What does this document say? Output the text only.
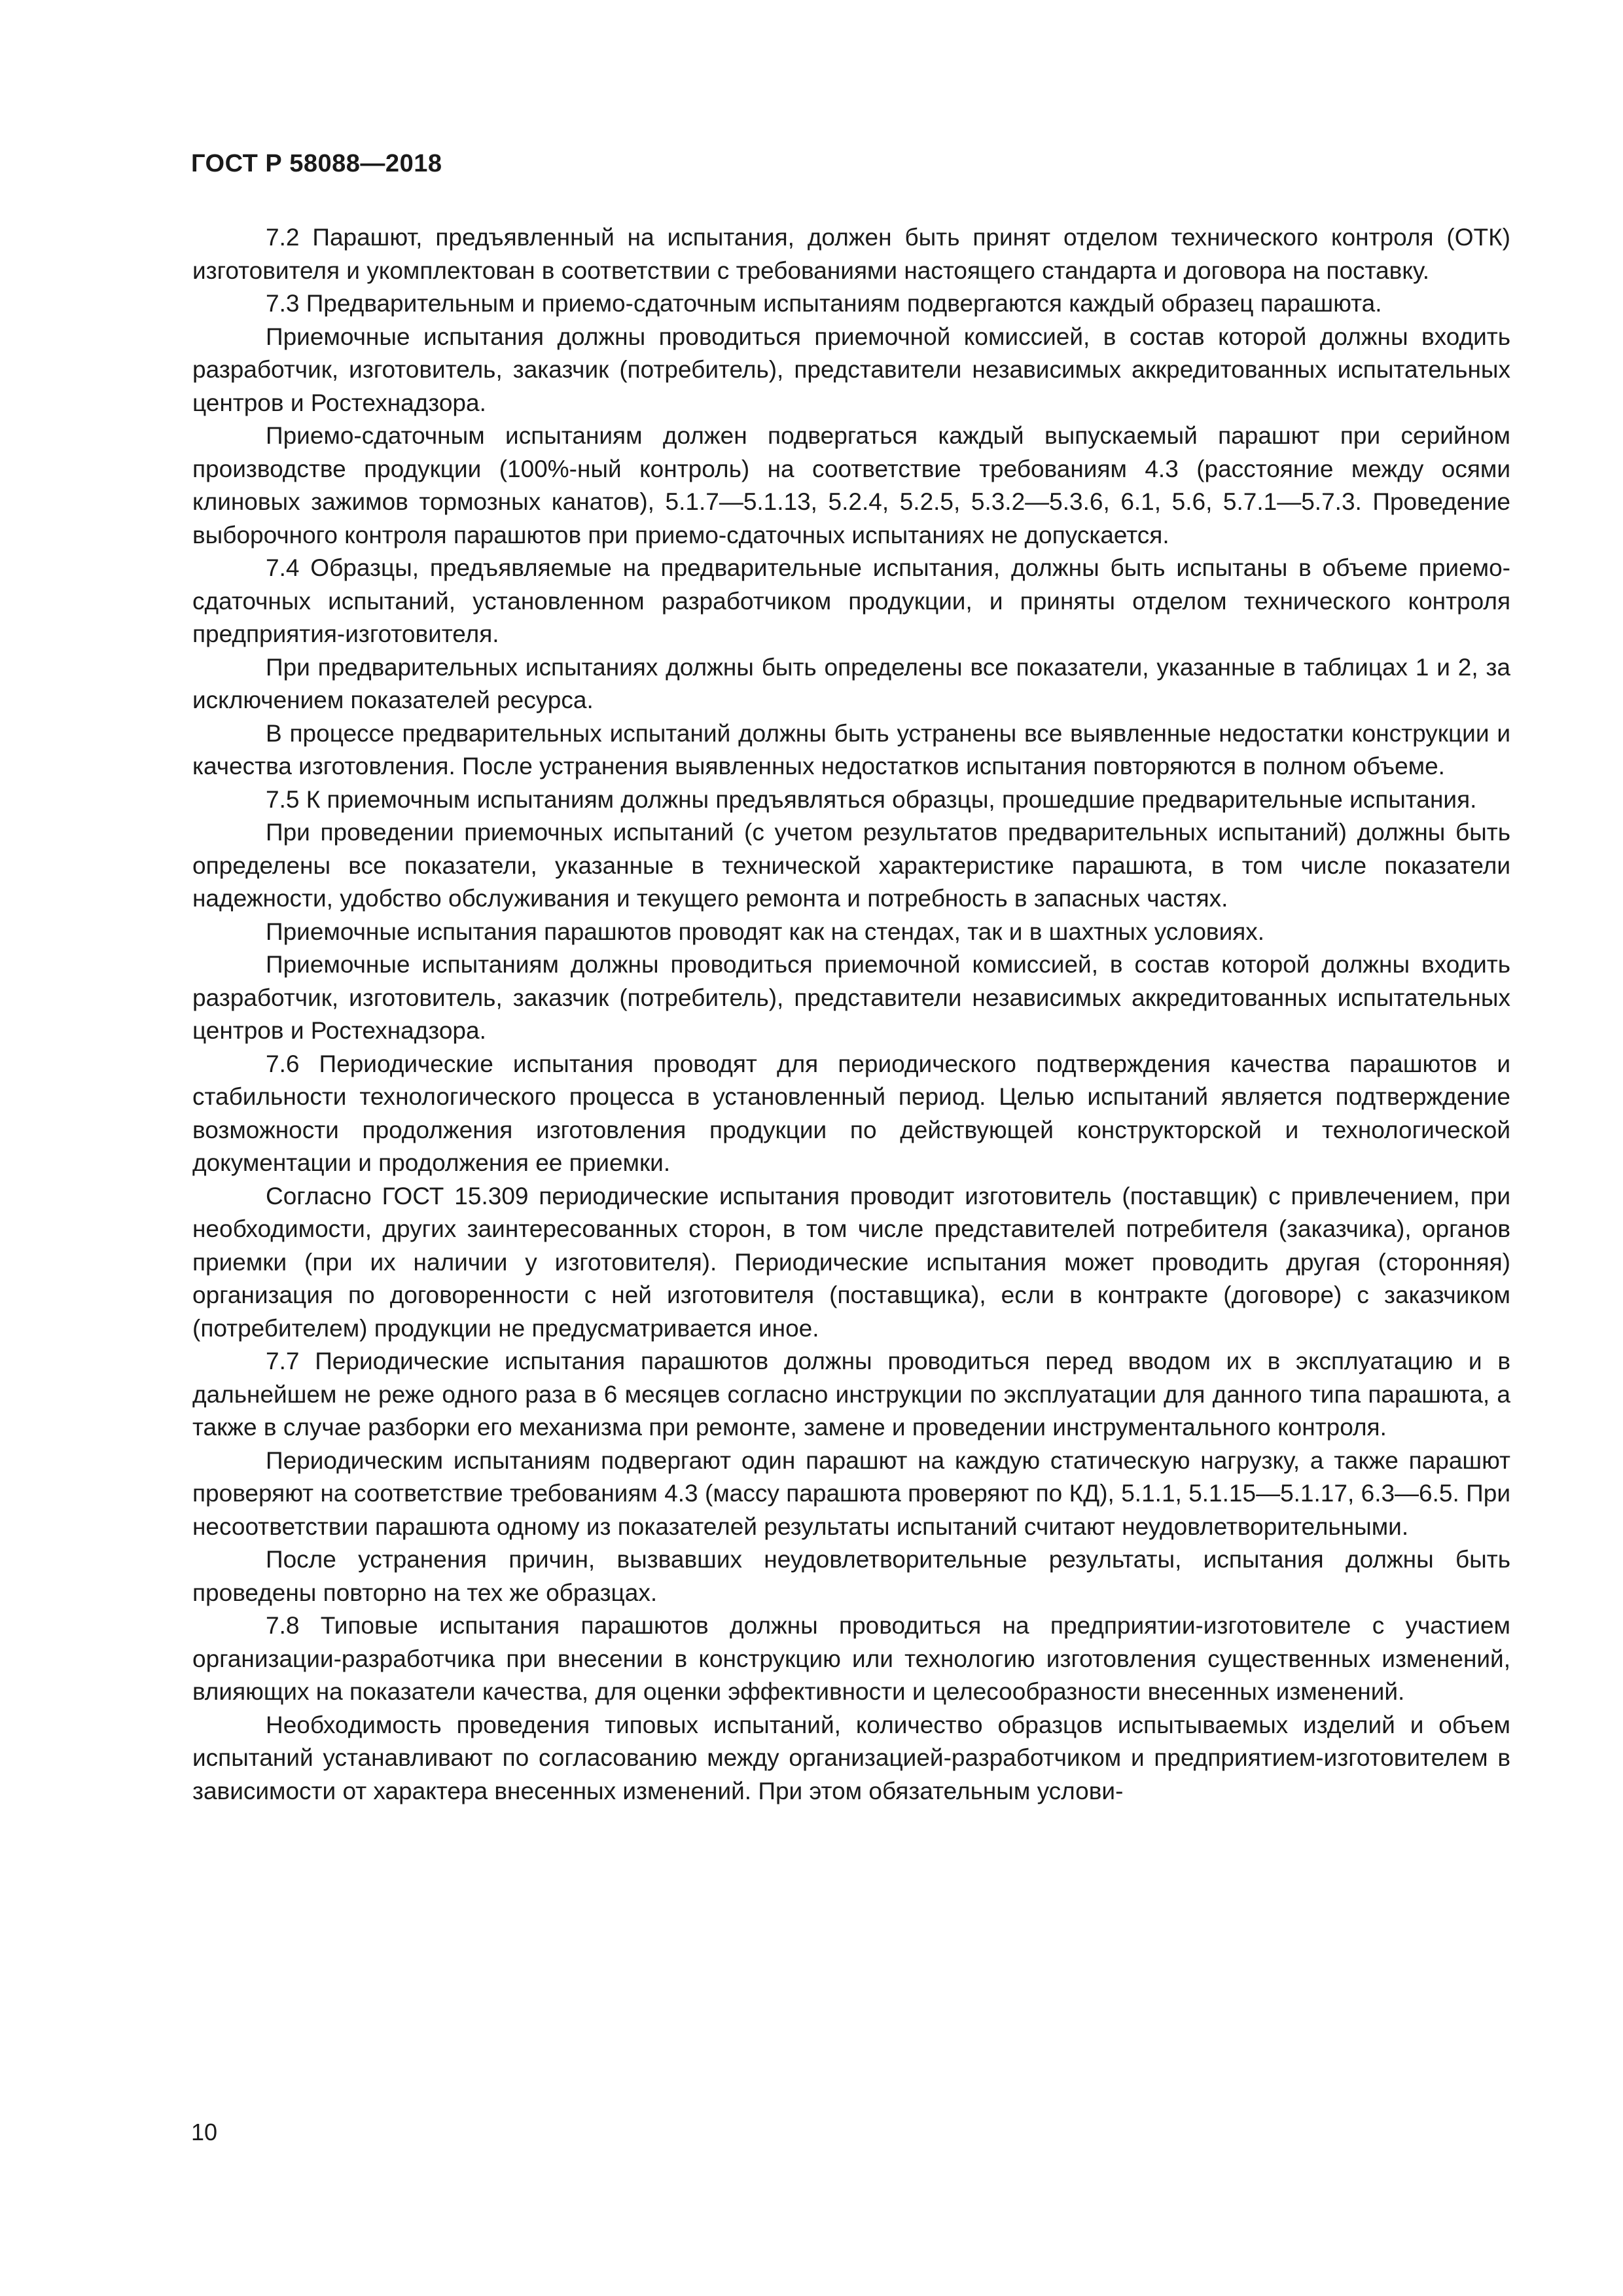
ГОСТ Р 58088—2018

7.2 Парашют, предъявленный на испытания, должен быть принят отделом технического контроля (ОТК) изготовителя и укомплектован в соответствии с требованиями настоящего стандарта и договора на поставку.

7.3 Предварительным и приемо-сдаточным испытаниям подвергаются каждый образец парашюта.

Приемочные испытания должны проводиться приемочной комиссией, в состав которой должны входить разработчик, изготовитель, заказчик (потребитель), представители независимых аккредитованных испытательных центров и Ростехнадзора.

Приемо-сдаточным испытаниям должен подвергаться каждый выпускаемый парашют при серийном производстве продукции (100%-ный контроль) на соответствие требованиям 4.3 (расстояние между осями клиновых зажимов тормозных канатов), 5.1.7—5.1.13, 5.2.4, 5.2.5, 5.3.2—5.3.6, 6.1, 5.6, 5.7.1—5.7.3. Проведение выборочного контроля парашютов при приемо-сдаточных испытаниях не допускается.

7.4 Образцы, предъявляемые на предварительные испытания, должны быть испытаны в объеме приемо-сдаточных испытаний, установленном разработчиком продукции, и приняты отделом технического контроля предприятия-изготовителя.

При предварительных испытаниях должны быть определены все показатели, указанные в таблицах 1 и 2, за исключением показателей ресурса.

В процессе предварительных испытаний должны быть устранены все выявленные недостатки конструкции и качества изготовления. После устранения выявленных недостатков испытания повторяются в полном объеме.

7.5 К приемочным испытаниям должны предъявляться образцы, прошедшие предварительные испытания.

При проведении приемочных испытаний (с учетом результатов предварительных испытаний) должны быть определены все показатели, указанные в технической характеристике парашюта, в том числе показатели надежности, удобство обслуживания и текущего ремонта и потребность в запасных частях.

Приемочные испытания парашютов проводят как на стендах, так и в шахтных условиях.

Приемочные испытаниям должны проводиться приемочной комиссией, в состав которой должны входить разработчик, изготовитель, заказчик (потребитель), представители независимых аккредитованных испытательных центров и Ростехнадзора.

7.6 Периодические испытания проводят для периодического подтверждения качества парашютов и стабильности технологического процесса в установленный период. Целью испытаний является подтверждение возможности продолжения изготовления продукции по действующей конструкторской и технологической документации и продолжения ее приемки.

Согласно ГОСТ 15.309 периодические испытания проводит изготовитель (поставщик) с привлечением, при необходимости, других заинтересованных сторон, в том числе представителей потребителя (заказчика), органов приемки (при их наличии у изготовителя). Периодические испытания может проводить другая (сторонняя) организация по договоренности с ней изготовителя (поставщика), если в контракте (договоре) с заказчиком (потребителем) продукции не предусматривается иное.

7.7 Периодические испытания парашютов должны проводиться перед вводом их в эксплуатацию и в дальнейшем не реже одного раза в 6 месяцев согласно инструкции по эксплуатации для данного типа парашюта, а также в случае разборки его механизма при ремонте, замене и проведении инструментального контроля.

Периодическим испытаниям подвергают один парашют на каждую статическую нагрузку, а также парашют проверяют на соответствие требованиям 4.3 (массу парашюта проверяют по КД), 5.1.1, 5.1.15—5.1.17, 6.3—6.5. При несоответствии парашюта одному из показателей результаты испытаний считают неудовлетворительными.

После устранения причин, вызвавших неудовлетворительные результаты, испытания должны быть проведены повторно на тех же образцах.

7.8 Типовые испытания парашютов должны проводиться на предприятии-изготовителе с участием организации-разработчика при внесении в конструкцию или технологию изготовления существенных изменений, влияющих на показатели качества, для оценки эффективности и целесообразности внесенных изменений.

Необходимость проведения типовых испытаний, количество образцов испытываемых изделий и объем испытаний устанавливают по согласованию между организацией-разработчиком и предприятием-изготовителем в зависимости от характера внесенных изменений. При этом обязательным услови-

10
